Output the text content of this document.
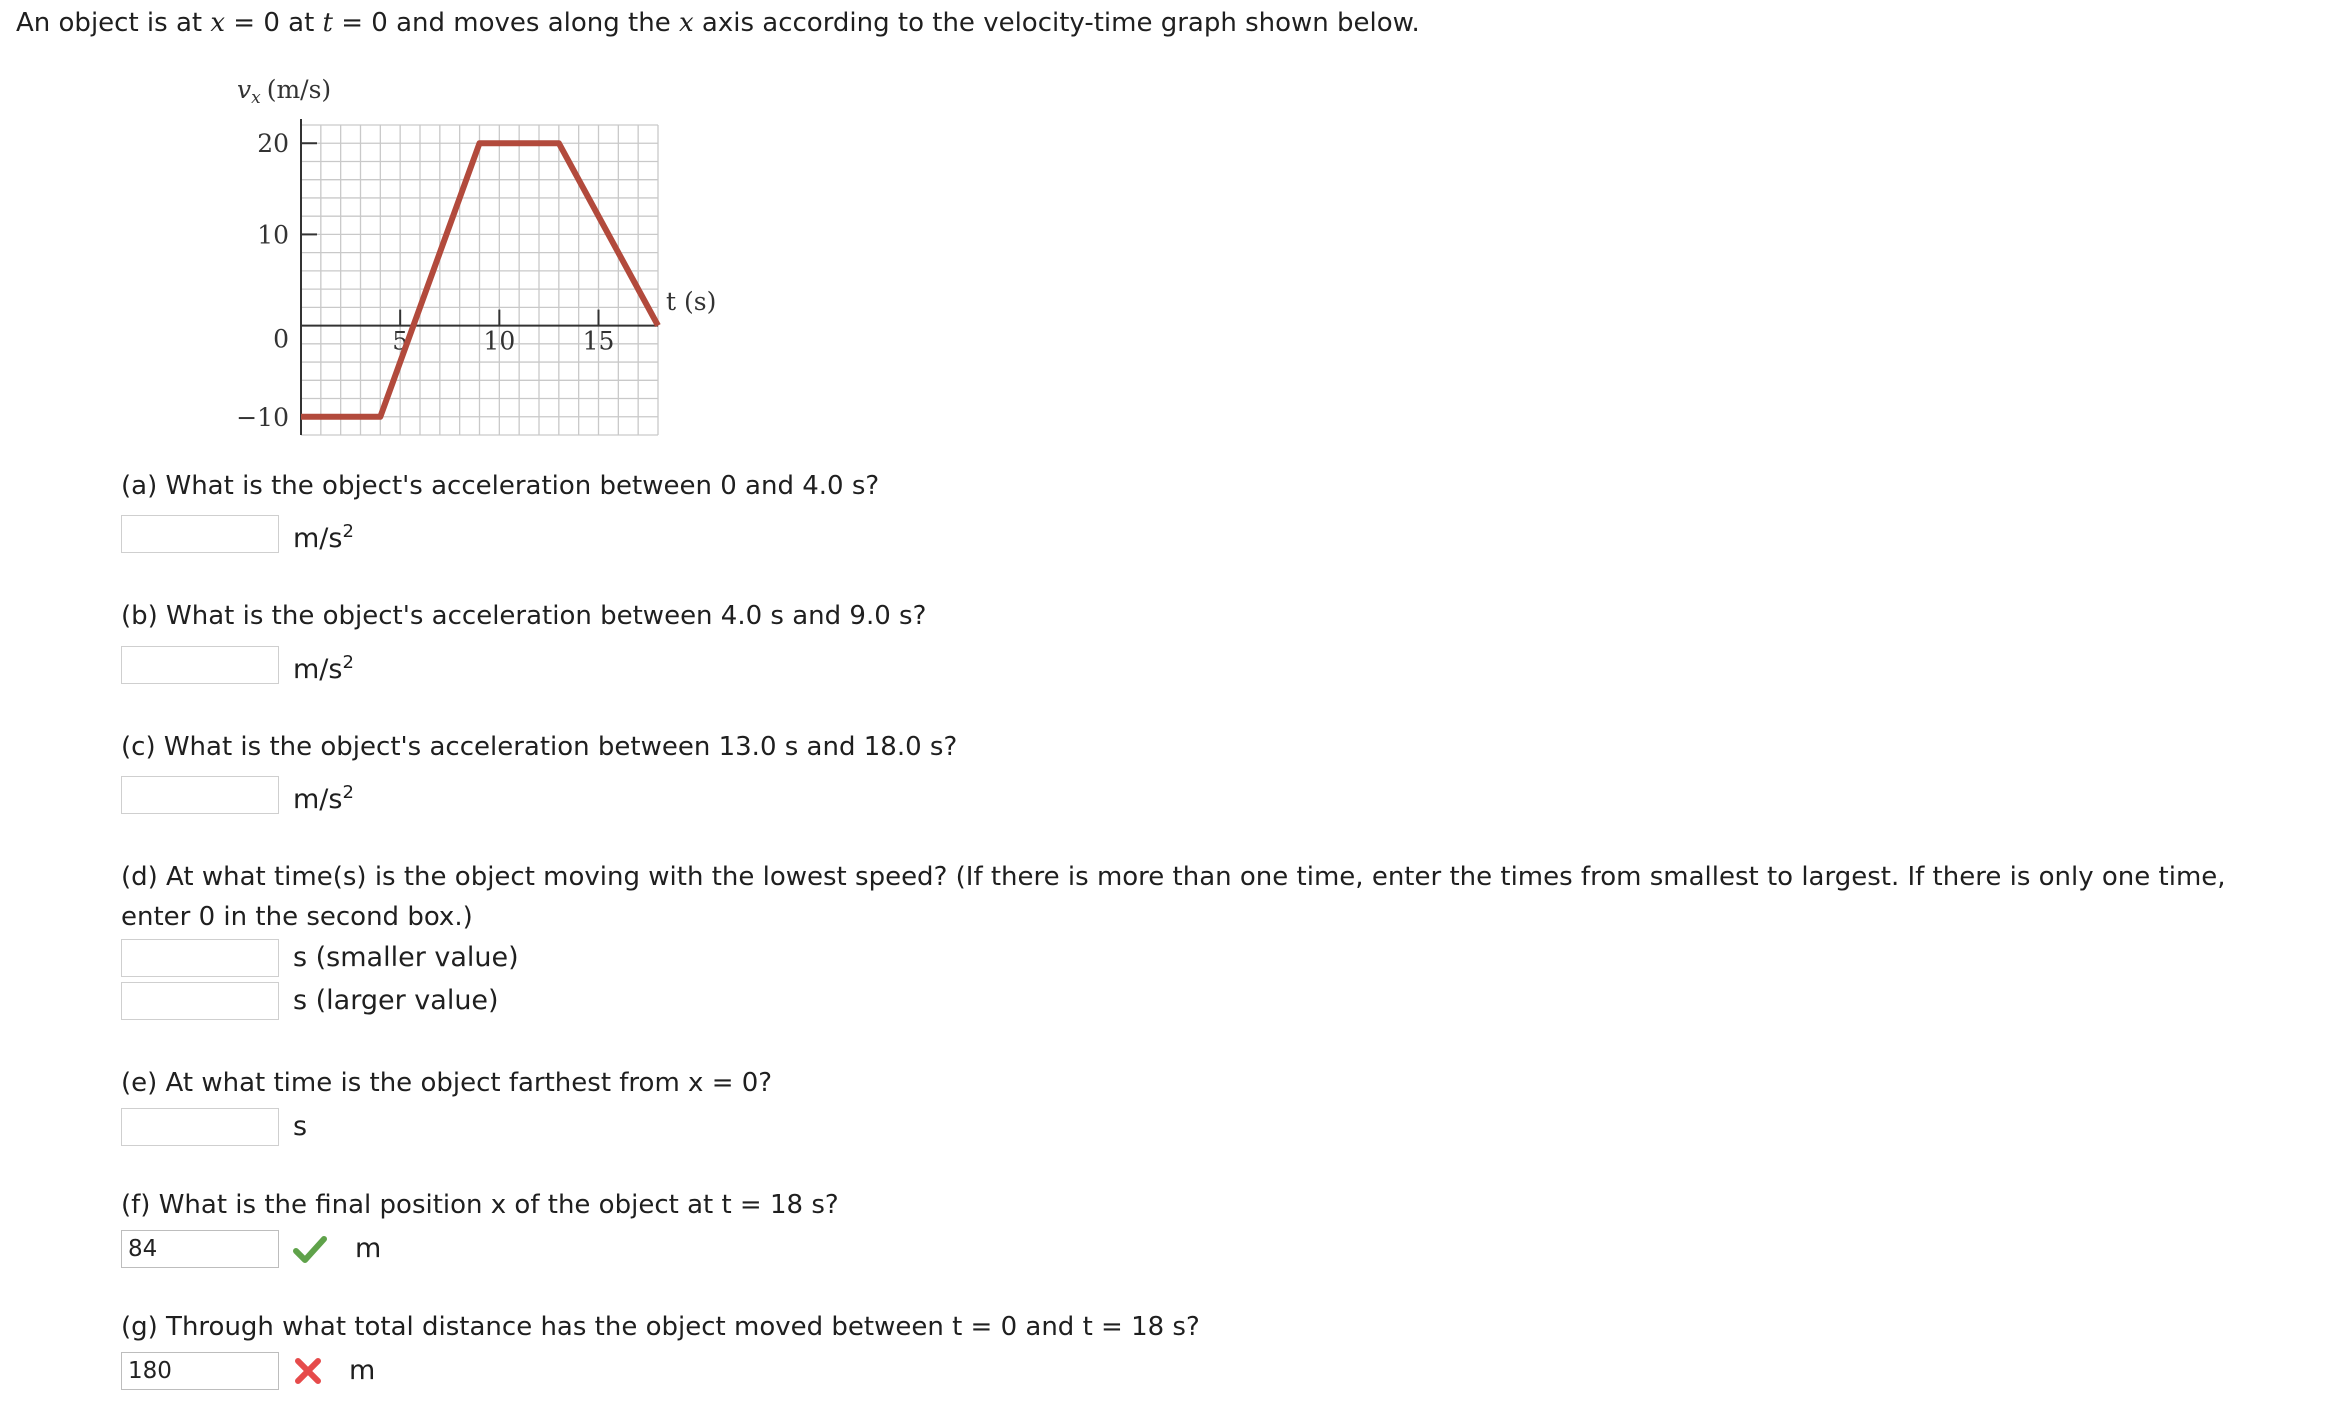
An object is at x = 0 at t = 0 and moves along the x axis according to the velocity-time graph shown below.
20
10
0
−10
5	10	15
$v_x$ (m/s)
t (s)
(a) What is the object's acceleration between 0 and 4.0 s?
$m/s^2$
(b) What is the object's acceleration between 4.0 s and 9.0 s?
$m/s^2$
(c) What is the object's acceleration between 13.0 s and 18.0 s?
$m/s^2$
(d) At what time(s) is the object moving with the lowest speed? (If there is more than one time, enter the times from smallest to largest. If there is only one time, enter 0 in the second box.)
s (smaller value)
s (larger value)
(e) At what time is the object farthest from x = 0?
s
(f) What is the final position x of the object at t = 18 s?
84
m
(g) Through what total distance has the object moved between t = 0 and t = 18 s?
180
m
